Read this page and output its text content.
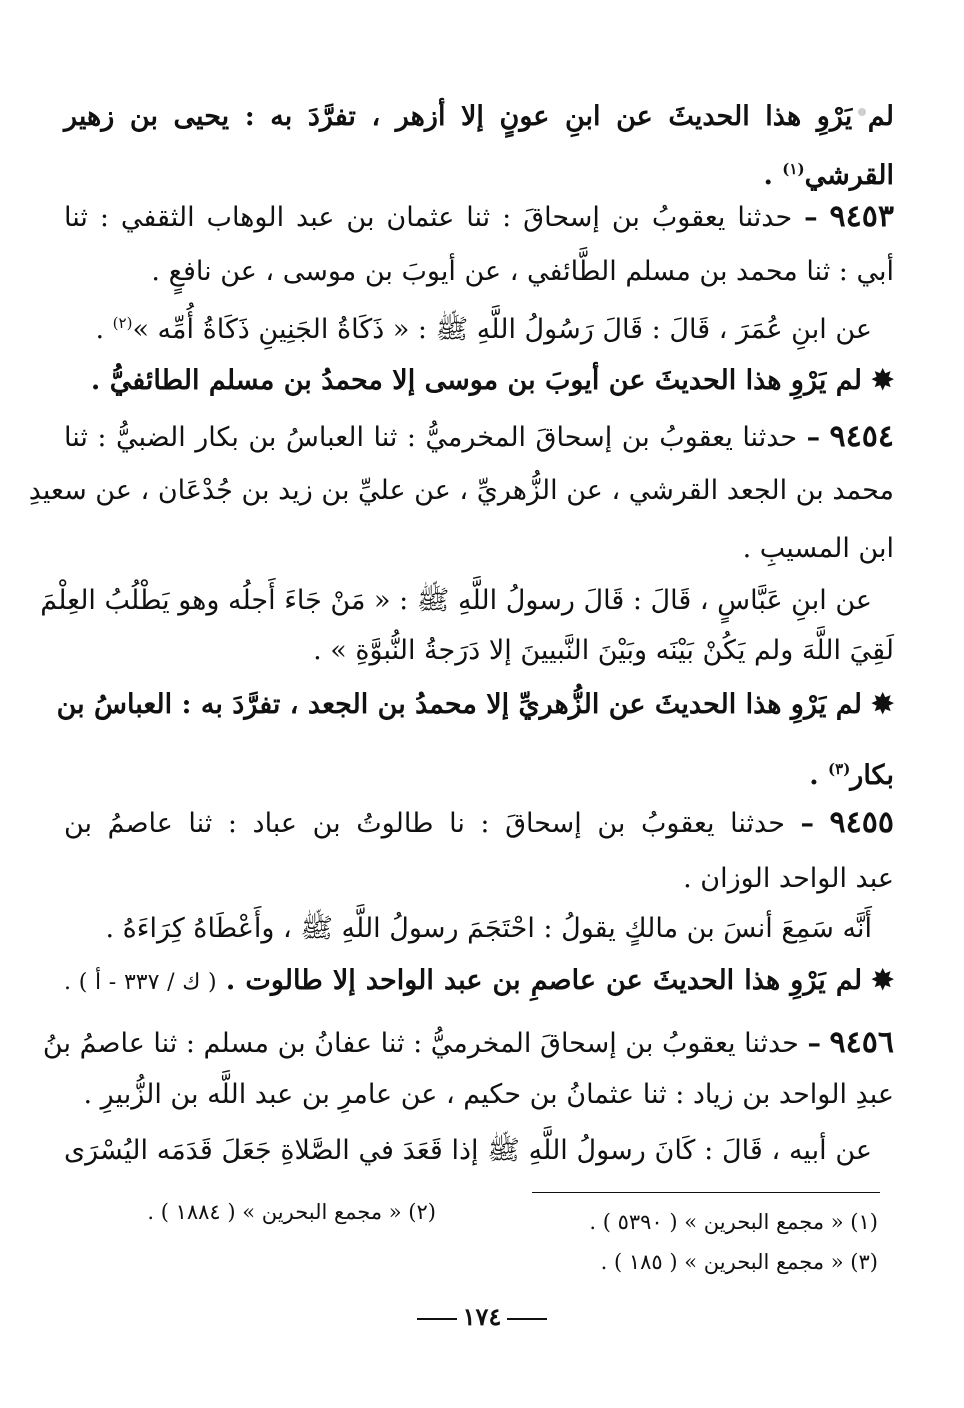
لم يَرْوِ هذا الحديثَ عن ابنِ عونٍ إلا أزهر ، تفرَّدَ به : يحيى بن زهير
القرشي$^{(١)}$ .
٩٤٥٣ – حدثنا يعقوبُ بن إسحاقَ : ثنا عثمان بن عبد الوهاب الثقفي : ثنا
أبي : ثنا محمد بن مسلم الطَّائفي ، عن أيوبَ بن موسى ، عن نافعٍ .
عن ابنِ عُمَرَ ، قَالَ : قَالَ رَسُولُ اللَّهِ ﷺ : « ذَكَاةُ الجَنِينِ ذَكَاةُ أُمِّه »$^{(٢)}$ .
✸ لم يَرْوِ هذا الحديثَ عن أيوبَ بن موسى إلا محمدُ بن مسلم الطائفيُّ .
٩٤٥٤ – حدثنا يعقوبُ بن إسحاقَ المخرميُّ : ثنا العباسُ بن بكار الضبيُّ : ثنا
محمد بن الجعد القرشي ، عن الزُّهريِّ ، عن عليِّ بن زيد بن جُدْعَان ، عن سعيدِ
ابن المسيبِ .
عن ابنِ عَبَّاسٍ ، قَالَ : قَالَ رسولُ اللَّهِ ﷺ : « مَنْ جَاءَ أَجلُه وهو يَطْلُبُ العِلْمَ
لَقِيَ اللَّهَ ولم يَكُنْ بَيْنَه وبَيْنَ النَّبيينَ إلا دَرَجةُ النُّبوَّةِ » .
✸ لم يَرْوِ هذا الحديثَ عن الزُّهريِّ إلا محمدُ بن الجعد ، تفرَّدَ به : العباسُ بن
بكار$^{(٣)}$ .
٩٤٥٥ – حدثنا يعقوبُ بن إسحاقَ : نا طالوتُ بن عباد : ثنا عاصمُ بن
عبد الواحد الوزان .
أَنَّه سَمِعَ أنسَ بن مالكٍ يقولُ : احْتَجَمَ رسولُ اللَّهِ ﷺ ، وأَعْطَاهُ كِرَاءَهُ .
✸ لم يَرْوِ هذا الحديثَ عن عاصمِ بن عبد الواحد إلا طالوت . ( ك / ٣٣٧ - أ ) .
٩٤٥٦ – حدثنا يعقوبُ بن إسحاقَ المخرميُّ : ثنا عفانُ بن مسلم : ثنا عاصمُ بنُ
عبدِ الواحد بن زياد : ثنا عثمانُ بن حكيم ، عن عامرِ بن عبد اللَّه بن الزُّبيرِ .
عن أبيه ، قَالَ : كَانَ رسولُ اللَّهِ ﷺ إذا قَعَدَ في الصَّلاةِ جَعَلَ قَدَمَه اليُسْرَى
(١) « مجمع البحرين » ( ٥٣٩٠ ) .
(٢) « مجمع البحرين » ( ١٨٨٤ ) .
(٣) « مجمع البحرين » ( ١٨٥ ) .
١٧٤
